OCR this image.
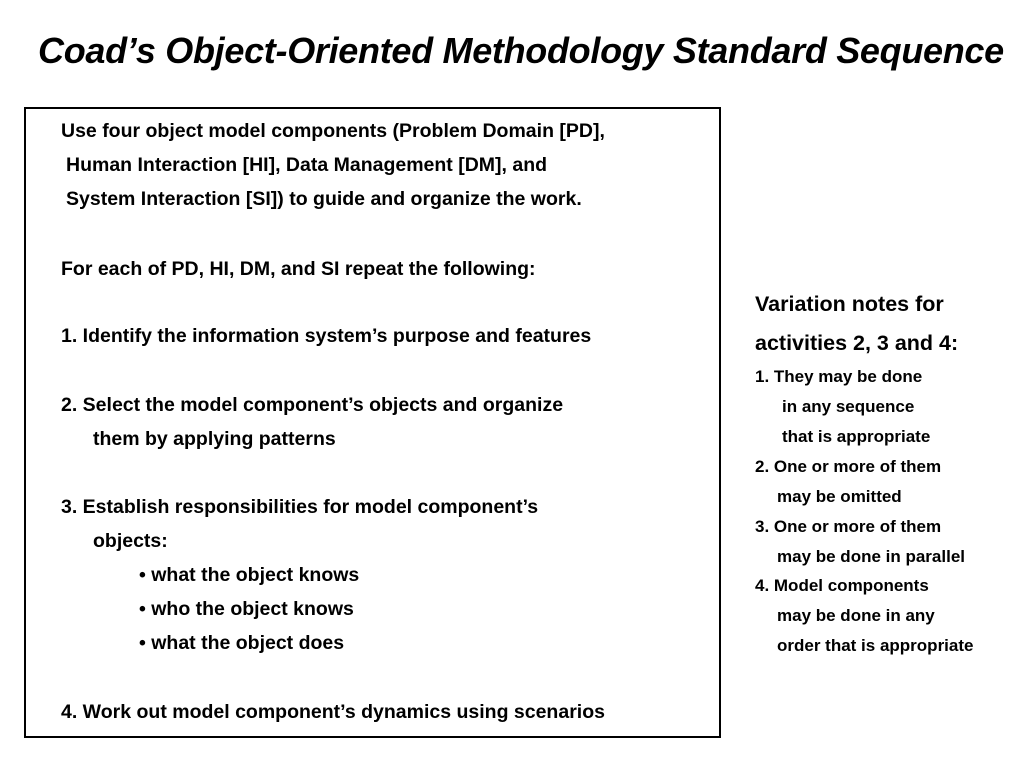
Coad’s Object-Oriented Methodology Standard Sequence
Use four object model components (Problem Domain [PD],
Human Interaction [HI], Data Management [DM], and
System Interaction [SI]) to guide and organize the work.
For each of PD, HI, DM, and SI repeat the following:
1. Identify the information system’s purpose and features
2. Select the model component’s objects and organize
them by applying patterns
3. Establish responsibilities for model component’s
objects:
• what the object knows
• who the object knows
• what the object does
4. Work out model component’s dynamics using scenarios
Variation notes for
activities 2, 3 and 4:
1. They may be done
in any sequence
that is appropriate
2. One or more of them
may be omitted
3. One or more of them
may be done in parallel
4. Model components
may be done in any
order that is appropriate
